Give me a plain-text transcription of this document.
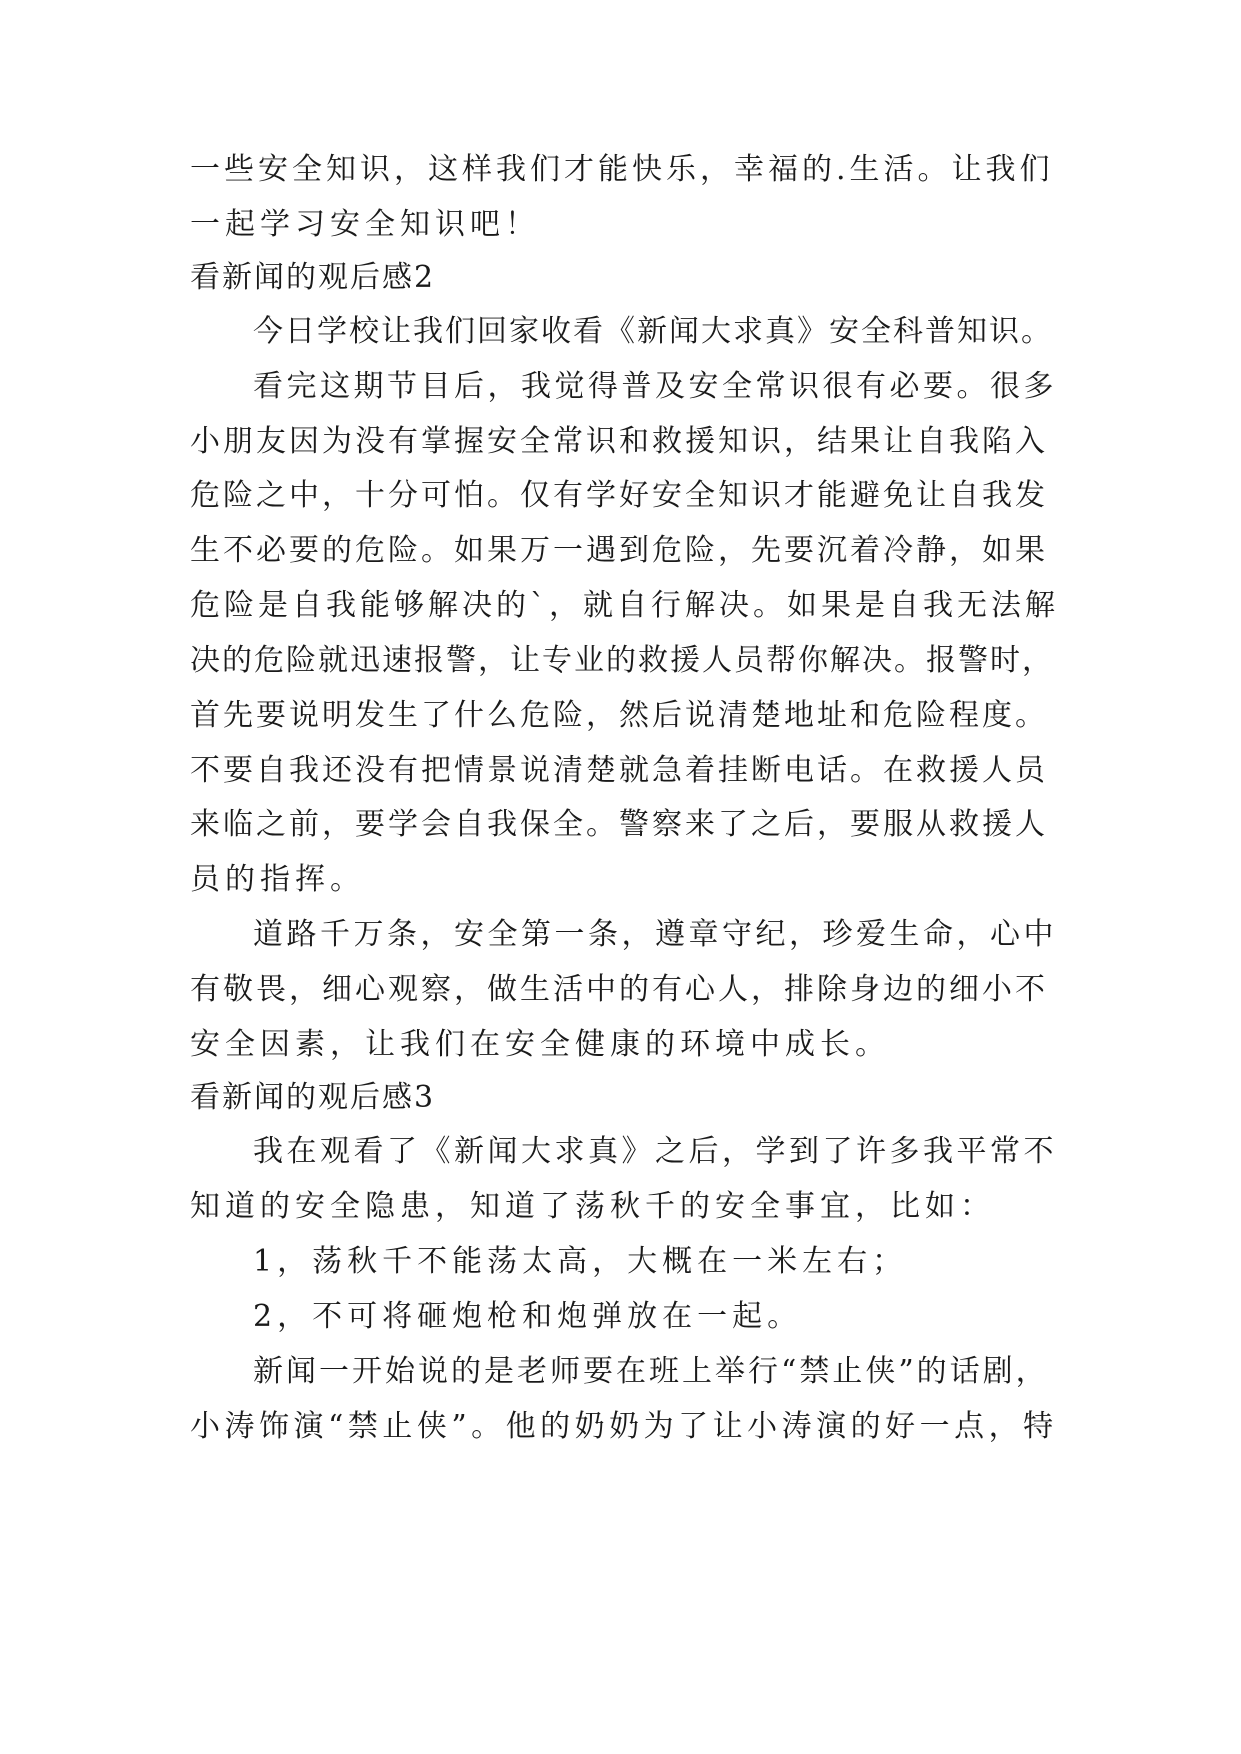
一些安全知识，这样我们才能快乐，幸福的.生活。让我们

一起学习安全知识吧！

看新闻的观后感2

今日学校让我们回家收看《新闻大求真》安全科普知识。

看完这期节目后，我觉得普及安全常识很有必要。很多

小朋友因为没有掌握安全常识和救援知识，结果让自我陷入

危险之中，十分可怕。仅有学好安全知识才能避免让自我发

生不必要的危险。如果万一遇到危险，先要沉着冷静，如果

危险是自我能够解决的`，就自行解决。如果是自我无法解

决的危险就迅速报警，让专业的救援人员帮你解决。报警时，

首先要说明发生了什么危险，然后说清楚地址和危险程度。

不要自我还没有把情景说清楚就急着挂断电话。在救援人员

来临之前，要学会自我保全。警察来了之后，要服从救援人

员的指挥。

道路千万条，安全第一条，遵章守纪，珍爱生命，心中

有敬畏，细心观察，做生活中的有心人，排除身边的细小不

安全因素，让我们在安全健康的环境中成长。

看新闻的观后感3

我在观看了《新闻大求真》之后，学到了许多我平常不

知道的安全隐患，知道了荡秋千的安全事宜，比如：

1，荡秋千不能荡太高，大概在一米左右；

2，不可将砸炮枪和炮弹放在一起。

新闻一开始说的是老师要在班上举行“禁止侠”的话剧，

小涛饰演“禁止侠”。他的奶奶为了让小涛演的好一点，特
